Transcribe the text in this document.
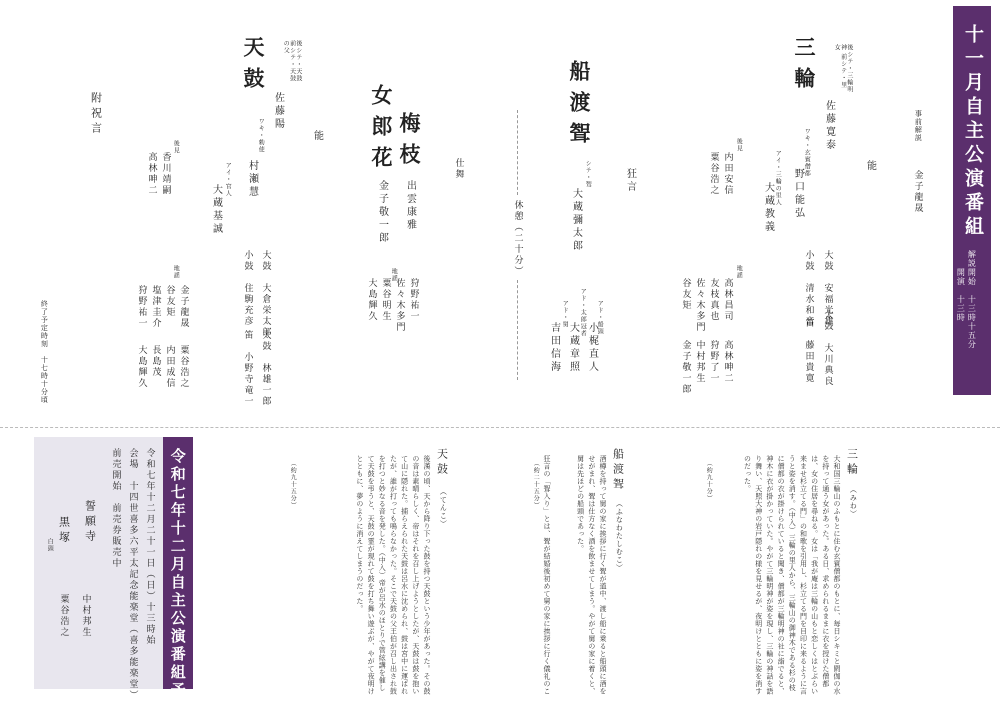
十一月自主公演番組
解説開始　十三時十五分
開演　十三時
事前解説
金子龍晟
能
三輪	後シテ・三輪明神 前シテ・里女
佐藤寛泰
ワキ・玄賓僧都
野口能弘
アイ・三輪の里人
大蔵教義
大鼓　安福光雄
小鼓　清水和音
太鼓　大川典良
笛　藤田貴寛
後見
内田安信
粟谷浩之
地謡
高林昌司
高林呻二
友枝真也
狩野了一
佐々木多門
中村邦生
谷友矩
金子敬一郎
狂言
船渡聟
シテ・聟
大蔵彌太郎
アド・船頭
小梶直人
アド・太郎冠者
大蔵章照
アド・舅
吉田信海
休憩（二十分）
仕舞
梅枝
出雲康雅
女郎花
金子敬一郎
地謡
狩野祐一
佐々木多門
粟谷明生
大島輝久
能
天鼓	後シテ・天鼓 前シテ・天鼓の父
佐藤陽
ワキ・勅使
村瀬慧
アイ・官人
大蔵基誠
大鼓　大倉栄太郎
小鼓　住駒充彦
太鼓　林雄一郎
笛　小野寺竜一
後見
香川靖嗣
高林呻二
地謡
金子龍晟
粟谷浩之
谷友矩
内田成信
塩津圭介
長島茂
狩野祐一
大島輝久
附祝言
終了予定時刻　十七時十分頃
三輪
（みわ）
大和国三輪山のふもとに住む玄賓僧都のもとに、毎日シキミと閼伽の水を持って通う女があった。ある日、求められるままに衣を授けた僧都は、女の住居を尋ねる。女は「我が庵は三輪の山もと恋しくはとぶらい来ませ杉立てる門」の和歌を引用し、杉立てる門を目印に来るように言うと姿を消す。（中入）三輪の里人から、三輪山の御神木である杉の枝に僧都の衣が掛けられていると聞き、僧都が三輪明神の社に詣でると、神木に衣が掛かっていた。やがて三輪明神が姿を現し、三輪の神話を語り舞い、天照大神の岩戸隠れの様を見せるが、夜明けとともに姿を消すのだった。
（約九十分）
船渡聟
（ふなわたしむこ）
酒樽を持って舅の家に挨拶に行く聟が道中、渡し船に乗ると船頭に酒をせがまれ、聟は仕方なく酒を飲ませてしまう。やがて舅の家に着くと、舅は先ほどの船頭であった。
狂言の「聟入り」とは、聟が結婚後初めて舅の家に挨拶に行く儀礼のこ
（約二十五分）
天鼓
（てんこ）
後漢の頃、天から降り下った鼓を持つ天鼓という少年があった。その鼓の音は素晴らしく、帝はそれを召し上げようとしたが、天鼓は鼓を抱いて山に隠れた。捕らえられた天鼓は呂水に沈められ、鼓は宮中に運ばれたが、誰が打っても鳴らなかった。そこで天鼓の父王伯が召し出され鼓を打つと妙なる音を発した。（中入）帝が呂水のほとりで管絃講を催して天鼓を弔うと、天鼓の霊が現れて鼓を打ち舞い遊ぶが、やがて夜明けとともに、夢のように消えてしまうのだった。
（約九十五分）
令和七年十二月自主公演番組予告
令和七年十二月二十一日（日）十三時始
会場　十四世喜多六平太記念能楽堂（喜多能楽堂）
前売開始　前売券販売中
誓願寺
中村邦生
黒塚
白頭
粟谷浩之
